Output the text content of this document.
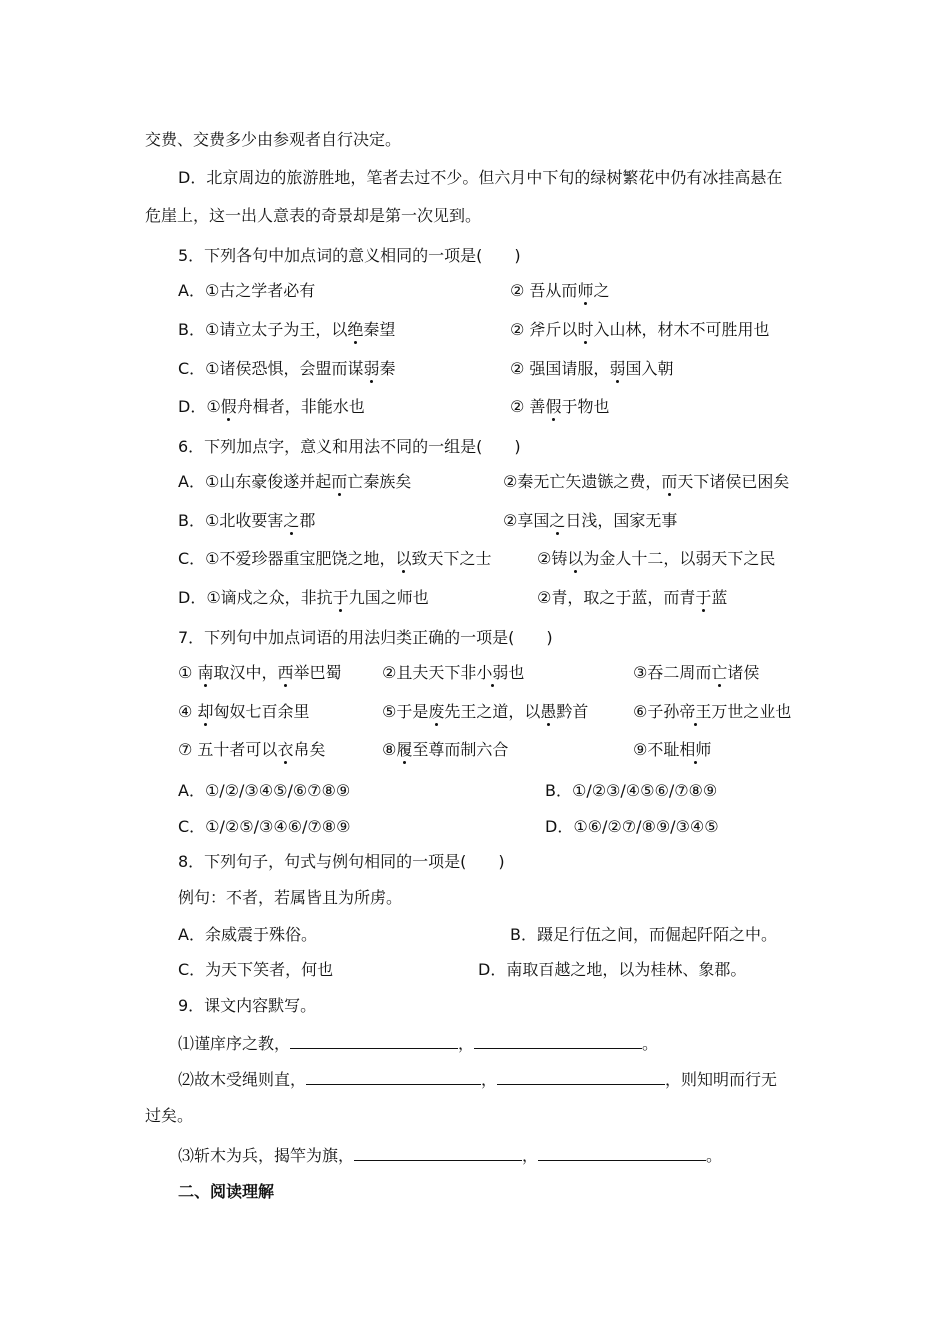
交费、交费多少由参观者自行决定。
D．北京周边的旅游胜地，笔者去过不少。但六月中下旬的绿树繁花中仍有冰挂高悬在
危崖上，这一出人意表的奇景却是第一次见到。
5．下列各句中加点词的意义相同的一项是(　　)
A．①古之学者必有	② 吾从而师之
B．①请立太子为王，以绝秦望	② 斧斤以时入山林，材木不可胜用也
C．①诸侯恐惧，会盟而谋弱秦	② 强国请服，弱国入朝
D．①假舟楫者，非能水也	② 善假于物也
6．下列加点字，意义和用法不同的一组是(　　)
A．①山东豪俊遂并起而亡秦族矣	②秦无亡矢遗镞之费，而天下诸侯已困矣
B．①北收要害之郡	②享国之日浅，国家无事
C．①不爱珍器重宝肥饶之地，以致天下之士	②铸以为金人十二，以弱天下之民
D．①谪戍之众，非抗于九国之师也	②青，取之于蓝，而青于蓝
7．下列句中加点词语的用法归类正确的一项是(　　)
① 南取汉中，西举巴蜀	②且夫天下非小弱也	③吞二周而亡诸侯
④ 却匈奴七百余里	⑤于是废先王之道，以愚黔首	⑥子孙帝王万世之业也
⑦ 五十者可以衣帛矣	⑧履至尊而制六合	⑨不耻相师
A．①/②/③④⑤/⑥⑦⑧⑨	B．①/②③/④⑤⑥/⑦⑧⑨
C．①/②⑤/③④⑥/⑦⑧⑨	D．①⑥/②⑦/⑧⑨/③④⑤
8．下列句子，句式与例句相同的一项是(　　)
例句：不者，若属皆且为所虏。
A．余威震于殊俗。	B．蹑足行伍之间，而倔起阡陌之中。
C．为天下笑者，何也	D．南取百越之地，以为桂林、象郡。
9．课文内容默写。
⑴谨庠序之教，	，	。
⑵故木受绳则直，	，	，则知明而行无
过矣。
⑶斩木为兵，揭竿为旗，	，	。
二、阅读理解
